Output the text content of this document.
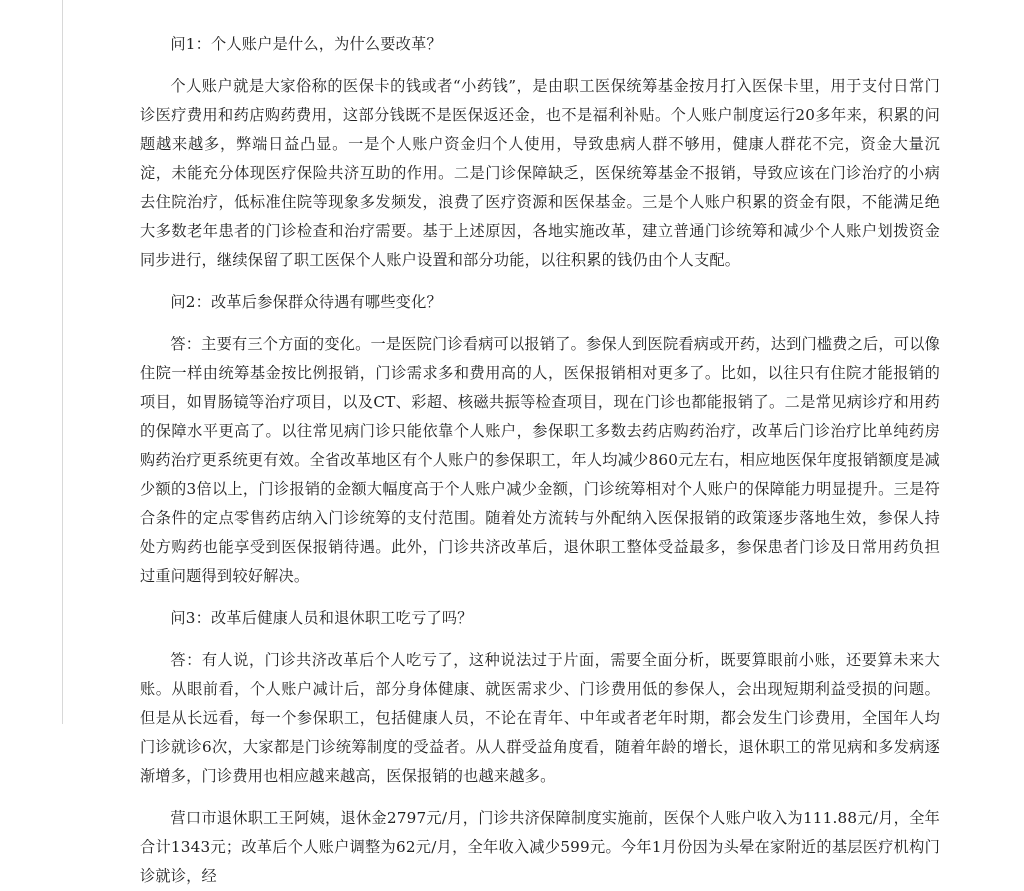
问1：个人账户是什么，为什么要改革？

个人账户就是大家俗称的医保卡的钱或者“小药钱”，是由职工医保统筹基金按月打入医保卡里，用于支付日常门诊医疗费用和药店购药费用，这部分钱既不是医保返还金，也不是福利补贴。个人账户制度运行20多年来，积累的问题越来越多，弊端日益凸显。一是个人账户资金归个人使用，导致患病人群不够用，健康人群花不完，资金大量沉淀，未能充分体现医疗保险共济互助的作用。二是门诊保障缺乏，医保统筹基金不报销，导致应该在门诊治疗的小病去住院治疗，低标准住院等现象多发频发，浪费了医疗资源和医保基金。三是个人账户积累的资金有限，不能满足绝大多数老年患者的门诊检查和治疗需要。基于上述原因，各地实施改革，建立普通门诊统筹和减少个人账户划拨资金同步进行，继续保留了职工医保个人账户设置和部分功能，以往积累的钱仍由个人支配。

问2：改革后参保群众待遇有哪些变化？

答：主要有三个方面的变化。一是医院门诊看病可以报销了。参保人到医院看病或开药，达到门槛费之后，可以像住院一样由统筹基金按比例报销，门诊需求多和费用高的人，医保报销相对更多了。比如，以往只有住院才能报销的项目，如胃肠镜等治疗项目，以及CT、彩超、核磁共振等检查项目，现在门诊也都能报销了。二是常见病诊疗和用药的保障水平更高了。以往常见病门诊只能依靠个人账户，参保职工多数去药店购药治疗，改革后门诊治疗比单纯药房购药治疗更系统更有效。全省改革地区有个人账户的参保职工，年人均减少860元左右，相应地医保年度报销额度是减少额的3倍以上，门诊报销的金额大幅度高于个人账户减少金额，门诊统筹相对个人账户的保障能力明显提升。三是符合条件的定点零售药店纳入门诊统筹的支付范围。随着处方流转与外配纳入医保报销的政策逐步落地生效，参保人持处方购药也能享受到医保报销待遇。此外，门诊共济改革后，退休职工整体受益最多，参保患者门诊及日常用药负担过重问题得到较好解决。

问3：改革后健康人员和退休职工吃亏了吗？

答：有人说，门诊共济改革后个人吃亏了，这种说法过于片面，需要全面分析，既要算眼前小账，还要算未来大账。从眼前看，个人账户减计后，部分身体健康、就医需求少、门诊费用低的参保人，会出现短期利益受损的问题。但是从长远看，每一个参保职工，包括健康人员，不论在青年、中年或者老年时期，都会发生门诊费用，全国年人均门诊就诊6次，大家都是门诊统筹制度的受益者。从人群受益角度看，随着年龄的增长，退休职工的常见病和多发病逐渐增多，门诊费用也相应越来越高，医保报销的也越来越多。

营口市退休职工王阿姨，退休金2797元/月，门诊共济保障制度实施前，医保个人账户收入为111.88元/月，全年合计1343元；改革后个人账户调整为62元/月，全年收入减少599元。今年1月份因为头晕在家附近的基层医疗机构门诊就诊，经
